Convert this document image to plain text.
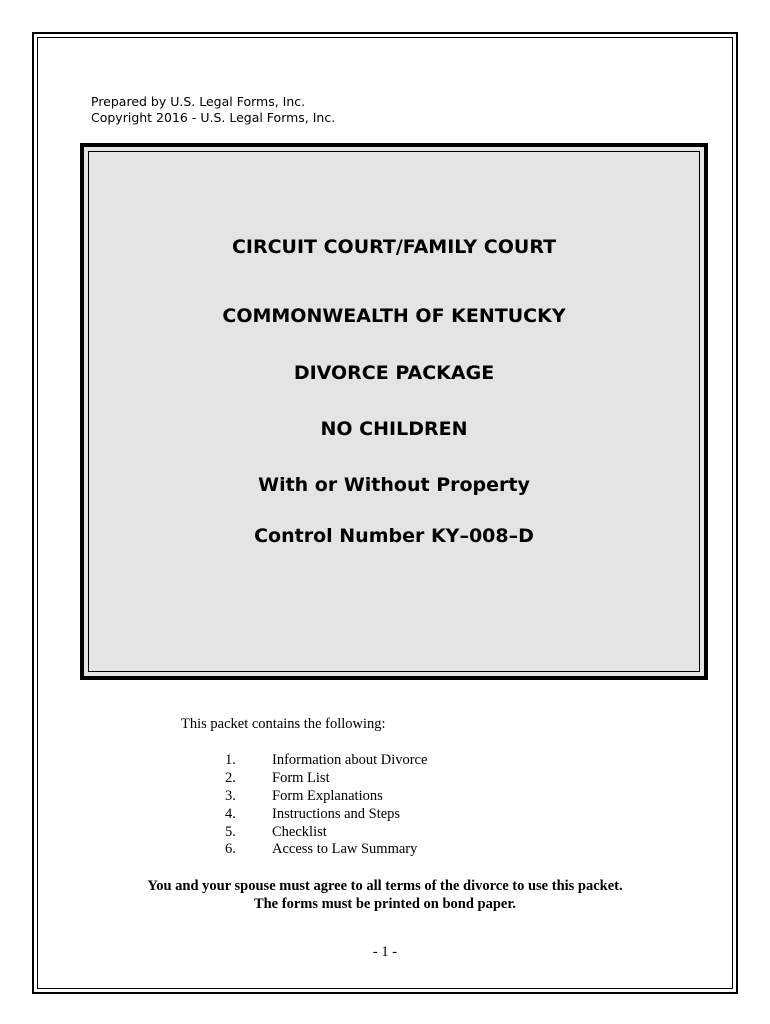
Prepared by U.S. Legal Forms, Inc.
Copyright 2016 - U.S. Legal Forms, Inc.
CIRCUIT COURT/FAMILY COURT
COMMONWEALTH OF KENTUCKY
DIVORCE PACKAGE
NO CHILDREN
With or Without Property
Control Number KY–008–D
This packet contains the following:
1. Information about Divorce
2. Form List
3. Form Explanations
4. Instructions and Steps
5. Checklist
6. Access to Law Summary
You and your spouse must agree to all terms of the divorce to use this packet.
The forms must be printed on bond paper.
- 1 -
